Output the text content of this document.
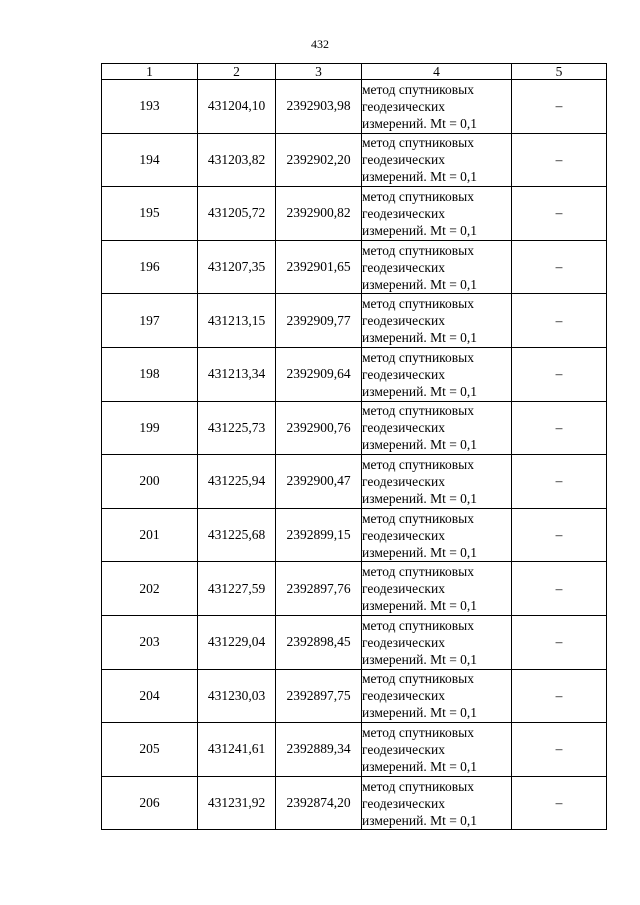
432
1	2	3	4	5
193	431204,10	2392903,98	метод спутниковых
геодезических
измерений. Mt = 0,1	–
194	431203,82	2392902,20	метод спутниковых
геодезических
измерений. Mt = 0,1	–
195	431205,72	2392900,82	метод спутниковых
геодезических
измерений. Mt = 0,1	–
196	431207,35	2392901,65	метод спутниковых
геодезических
измерений. Mt = 0,1	–
197	431213,15	2392909,77	метод спутниковых
геодезических
измерений. Mt = 0,1	–
198	431213,34	2392909,64	метод спутниковых
геодезических
измерений. Mt = 0,1	–
199	431225,73	2392900,76	метод спутниковых
геодезических
измерений. Mt = 0,1	–
200	431225,94	2392900,47	метод спутниковых
геодезических
измерений. Mt = 0,1	–
201	431225,68	2392899,15	метод спутниковых
геодезических
измерений. Mt = 0,1	–
202	431227,59	2392897,76	метод спутниковых
геодезических
измерений. Mt = 0,1	–
203	431229,04	2392898,45	метод спутниковых
геодезических
измерений. Mt = 0,1	–
204	431230,03	2392897,75	метод спутниковых
геодезических
измерений. Mt = 0,1	–
205	431241,61	2392889,34	метод спутниковых
геодезических
измерений. Mt = 0,1	–
206	431231,92	2392874,20	метод спутниковых
геодезических
измерений. Mt = 0,1	–
